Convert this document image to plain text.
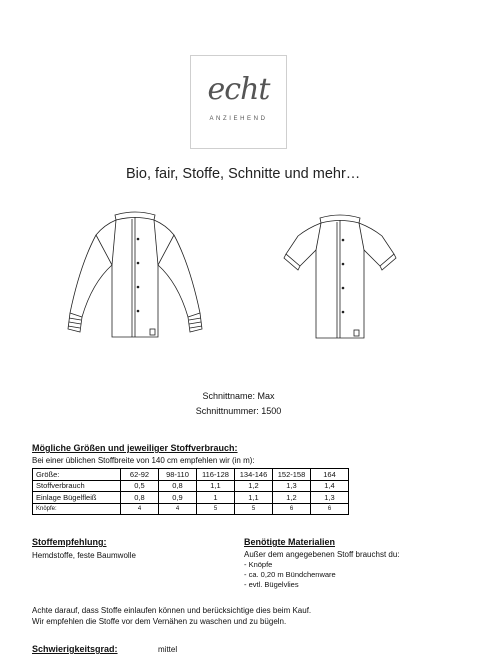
echt
ANZIEHEND
Bio, fair, Stoffe, Schnitte und mehr…
Schnittname: Max
Schnittnummer: 1500
Mögliche Größen und jeweiliger Stoffverbrauch:
Bei einer üblichen Stoffbreite von 140 cm empfehlen wir (in m):
Größe:	62-92	98-110	116-128	134-146	152-158	164
Stoffverbrauch	0,5	0,8	1,1	1,2	1,3	1,4
Einlage Bügelfleiß	0,8	0,9	1	1,1	1,2	1,3
Knöpfe:	4	4	5	5	6	6
Stoffempfehlung:
Hemdstoffe, feste Baumwolle
Benötigte Materialien
Außer dem angegebenen Stoff brauchst du:
- Knöpfe
- ca. 0,20 m Bündchenware
- evtl. Bügelvlies
Achte darauf, dass Stoffe einlaufen können und berücksichtige dies beim Kauf.
Wir empfehlen die Stoffe vor dem Vernähen zu waschen und zu bügeln.
Schwierigkeitsgrad:	mittel
